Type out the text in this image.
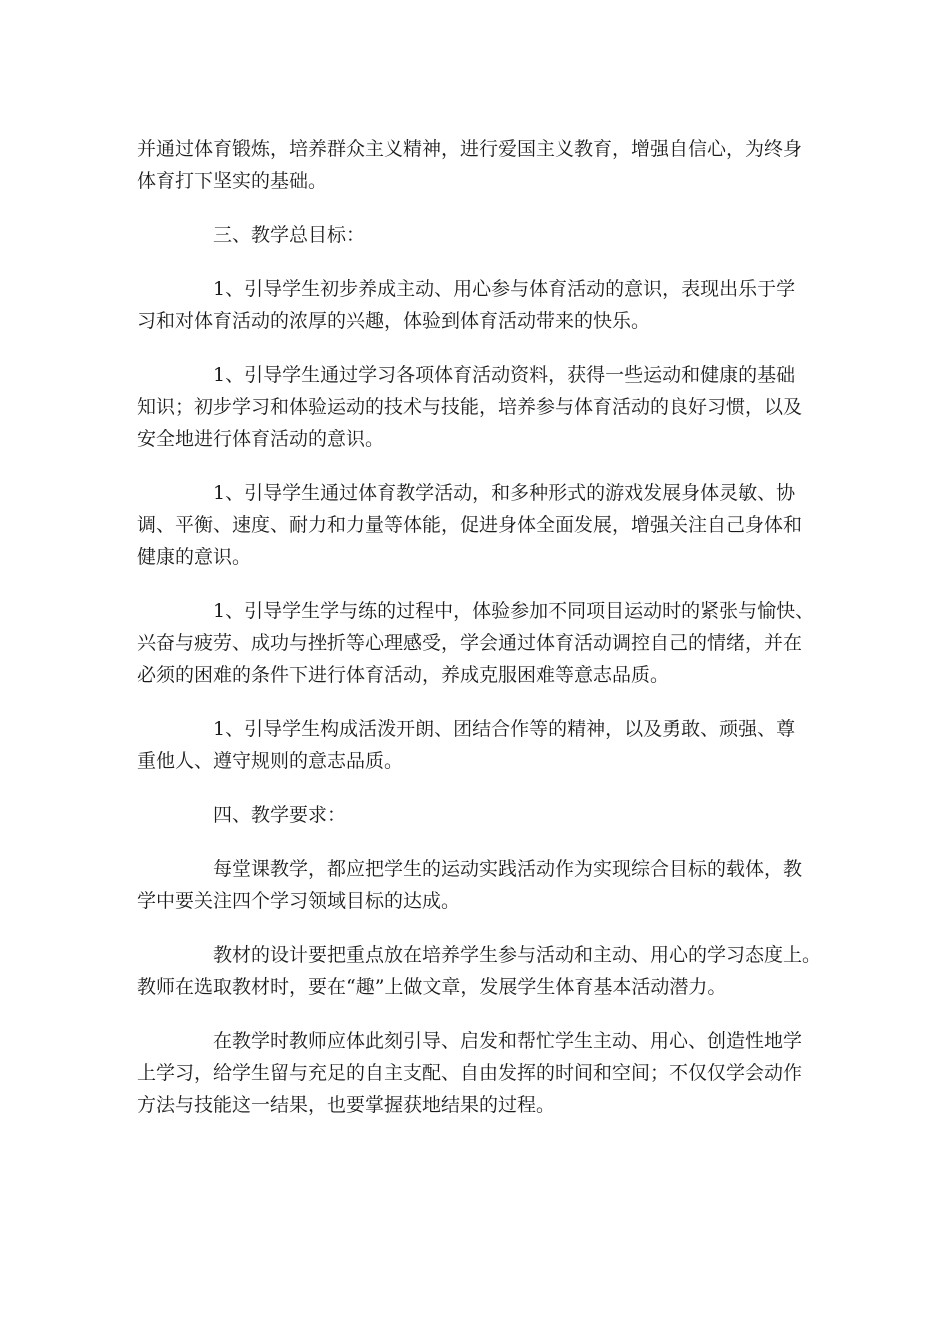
并通过体育锻炼，培养群众主义精神，进行爱国主义教育，增强自信心，为终身
体育打下坚实的基础。
三、教学总目标：
1、引导学生初步养成主动、用心参与体育活动的意识，表现出乐于学
习和对体育活动的浓厚的兴趣，体验到体育活动带来的快乐。
1、引导学生通过学习各项体育活动资料，获得一些运动和健康的基础
知识；初步学习和体验运动的技术与技能，培养参与体育活动的良好习惯，以及
安全地进行体育活动的意识。
1、引导学生通过体育教学活动，和多种形式的游戏发展身体灵敏、协
调、平衡、速度、耐力和力量等体能，促进身体全面发展，增强关注自己身体和
健康的意识。
1、引导学生学与练的过程中，体验参加不同项目运动时的紧张与愉快、
兴奋与疲劳、成功与挫折等心理感受，学会通过体育活动调控自己的情绪，并在
必须的困难的条件下进行体育活动，养成克服困难等意志品质。
1、引导学生构成活泼开朗、团结合作等的精神，以及勇敢、顽强、尊
重他人、遵守规则的意志品质。
四、教学要求：
每堂课教学，都应把学生的运动实践活动作为实现综合目标的载体，教
学中要关注四个学习领域目标的达成。
教材的设计要把重点放在培养学生参与活动和主动、用心的学习态度上。
教师在选取教材时，要在“趣”上做文章，发展学生体育基本活动潜力。
在教学时教师应体此刻引导、启发和帮忙学生主动、用心、创造性地学
上学习，给学生留与充足的自主支配、自由发挥的时间和空间；不仅仅学会动作
方法与技能这一结果，也要掌握获地结果的过程。
